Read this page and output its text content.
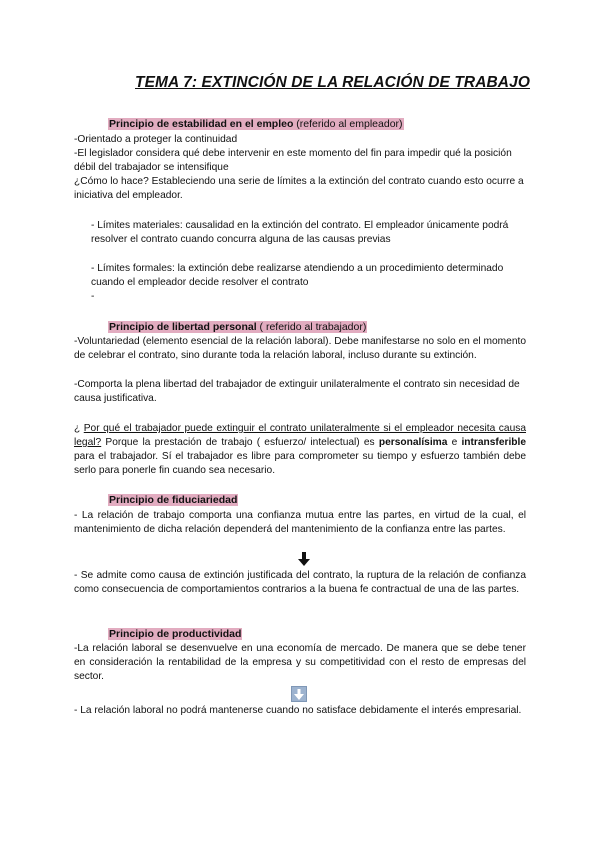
TEMA 7: EXTINCIÓN DE LA RELACIÓN DE TRABAJO
Principio de estabilidad en el empleo (referido al empleador)

-Orientado a proteger la continuidad

-El legislador considera qué debe intervenir en este momento del fin para impedir qué la posición débil del trabajador se intensifique

¿Cómo lo hace? Estableciendo una serie de límites a la extinción del contrato cuando esto ocurre a iniciativa del empleador.

- Límites materiales: causalidad en la extinción del contrato. El empleador únicamente podrá resolver el contrato cuando concurra alguna de las causas previas

- Límites formales: la extinción debe realizarse atendiendo a un procedimiento determinado cuando el empleador decide resolver el contrato

-

Principio de libertad personal ( referido al trabajador)

-Voluntariedad (elemento esencial de la relación laboral). Debe manifestarse no solo en el momento de celebrar el contrato, sino durante toda la relación laboral, incluso durante su extinción.

-Comporta la plena libertad del trabajador de extinguir unilateralmente el contrato sin necesidad de causa justificativa.

¿ Por qué el trabajador puede extinguir el contrato unilateralmente si el empleador necesita causa legal? Porque la prestación de trabajo ( esfuerzo/ intelectual) es personalísima e intransferible para el trabajador. Sí el trabajador es libre para comprometer su tiempo y esfuerzo también debe serlo para ponerle fin cuando sea necesario.

Principio de fiduciariedad

- La relación de trabajo comporta una confianza mutua entre las partes, en virtud de la cual, el mantenimiento de dicha relación dependerá del mantenimiento de la confianza entre las partes.

- Se admite como causa de extinción justificada del contrato, la ruptura de la relación de confianza como consecuencia de comportamientos contrarios a la buena fe contractual de una de las partes.

Principio de productividad

-La relación laboral se desenvuelve en una economía de mercado. De manera que se debe tener en consideración la rentabilidad de la empresa y su competitividad con el resto de empresas del sector.

- La relación laboral no podrá mantenerse cuando no satisface debidamente el interés empresarial.
